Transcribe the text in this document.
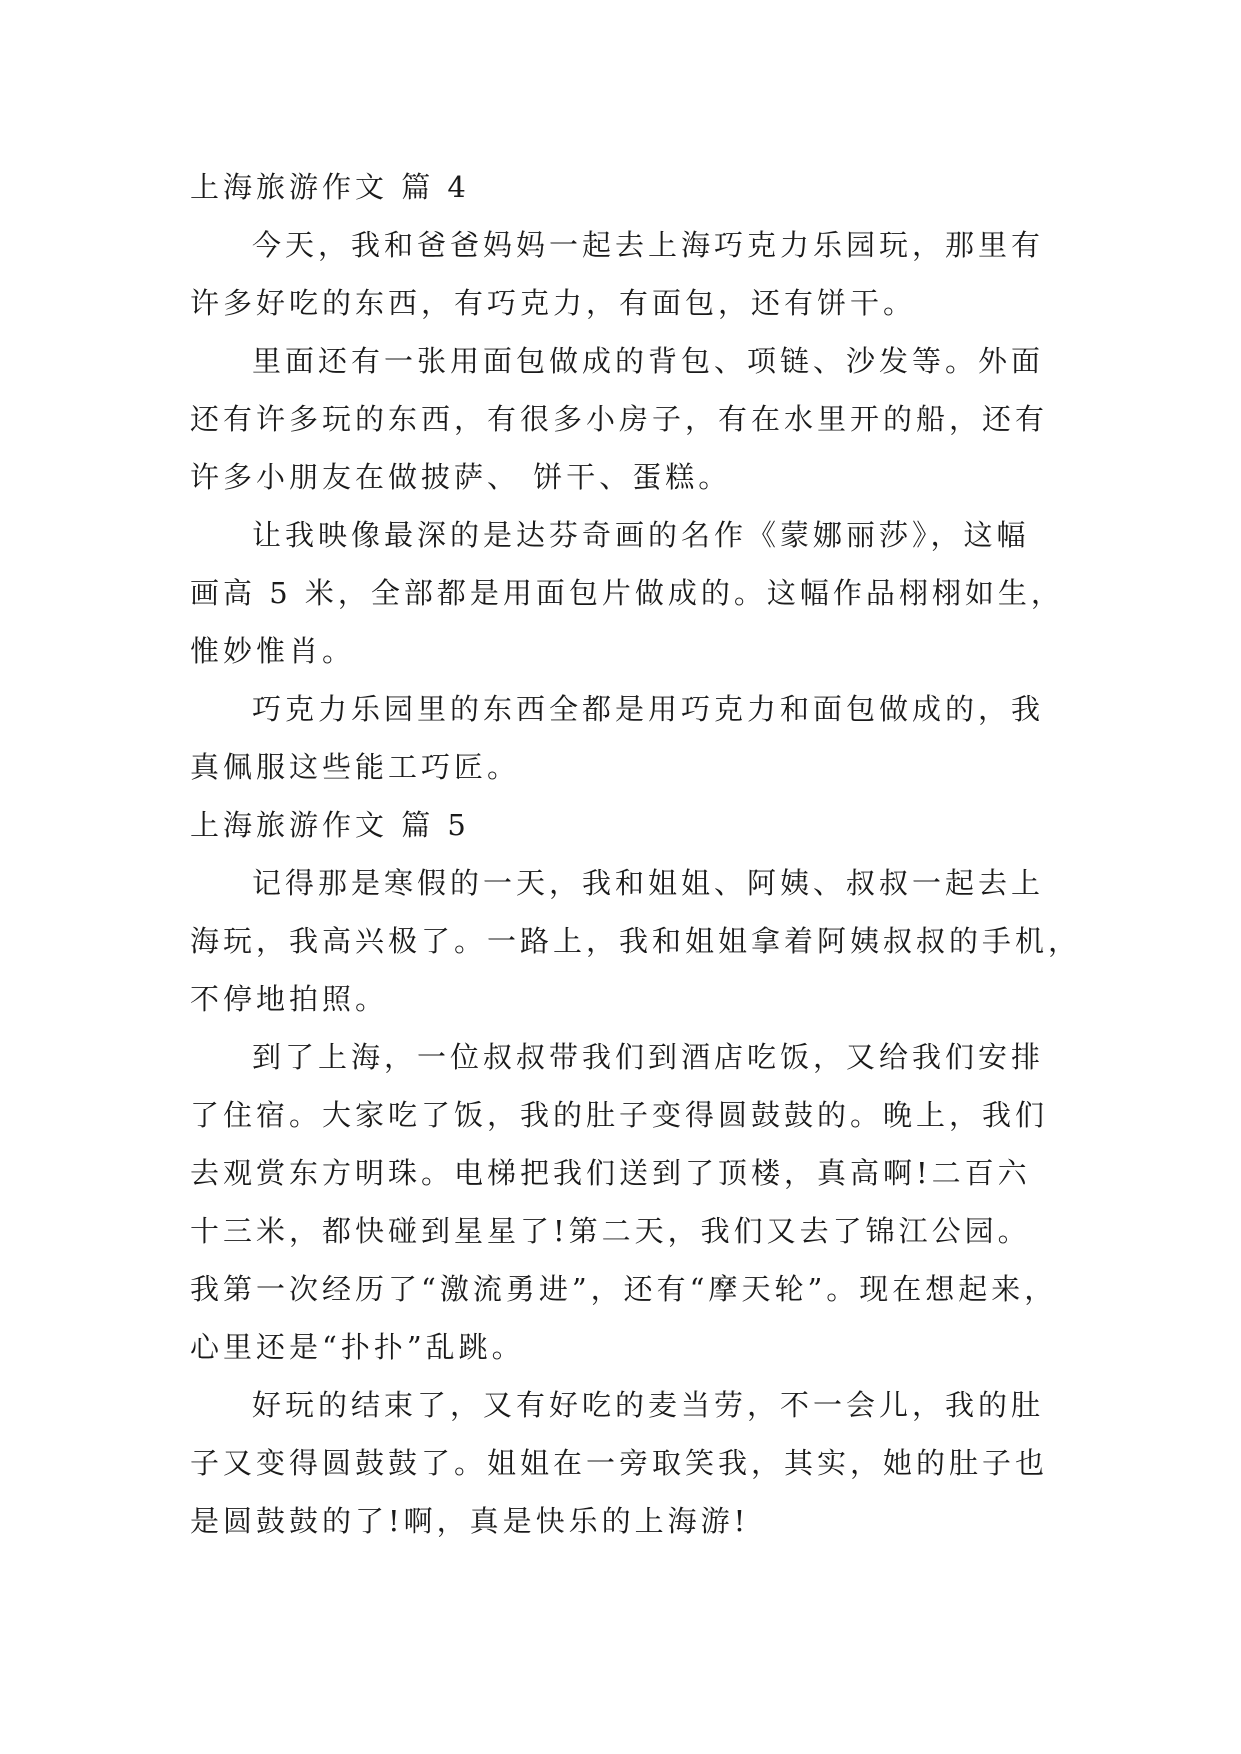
上海旅游作文 篇 4

今天，我和爸爸妈妈一起去上海巧克力乐园玩，那里有
许多好吃的东西，有巧克力，有面包，还有饼干。

里面还有一张用面包做成的背包、项链、沙发等。外面
还有许多玩的东西，有很多小房子，有在水里开的船，还有
许多小朋友在做披萨、 饼干、蛋糕。

让我映像最深的是达芬奇画的名作《蒙娜丽莎》，这幅
画高 5 米，全部都是用面包片做成的。这幅作品栩栩如生，
惟妙惟肖。

巧克力乐园里的东西全都是用巧克力和面包做成的，我
真佩服这些能工巧匠。

上海旅游作文 篇 5

记得那是寒假的一天，我和姐姐、阿姨、叔叔一起去上
海玩，我高兴极了。一路上，我和姐姐拿着阿姨叔叔的手机，
不停地拍照。

到了上海，一位叔叔带我们到酒店吃饭，又给我们安排
了住宿。大家吃了饭，我的肚子变得圆鼓鼓的。晚上，我们
去观赏东方明珠。电梯把我们送到了顶楼，真高啊!二百六
十三米，都快碰到星星了!第二天，我们又去了锦江公园。
我第一次经历了“激流勇进”，还有“摩天轮”。现在想起来，
心里还是“扑扑”乱跳。

好玩的结束了，又有好吃的麦当劳，不一会儿，我的肚
子又变得圆鼓鼓了。姐姐在一旁取笑我，其实，她的肚子也
是圆鼓鼓的了!啊，真是快乐的上海游!
